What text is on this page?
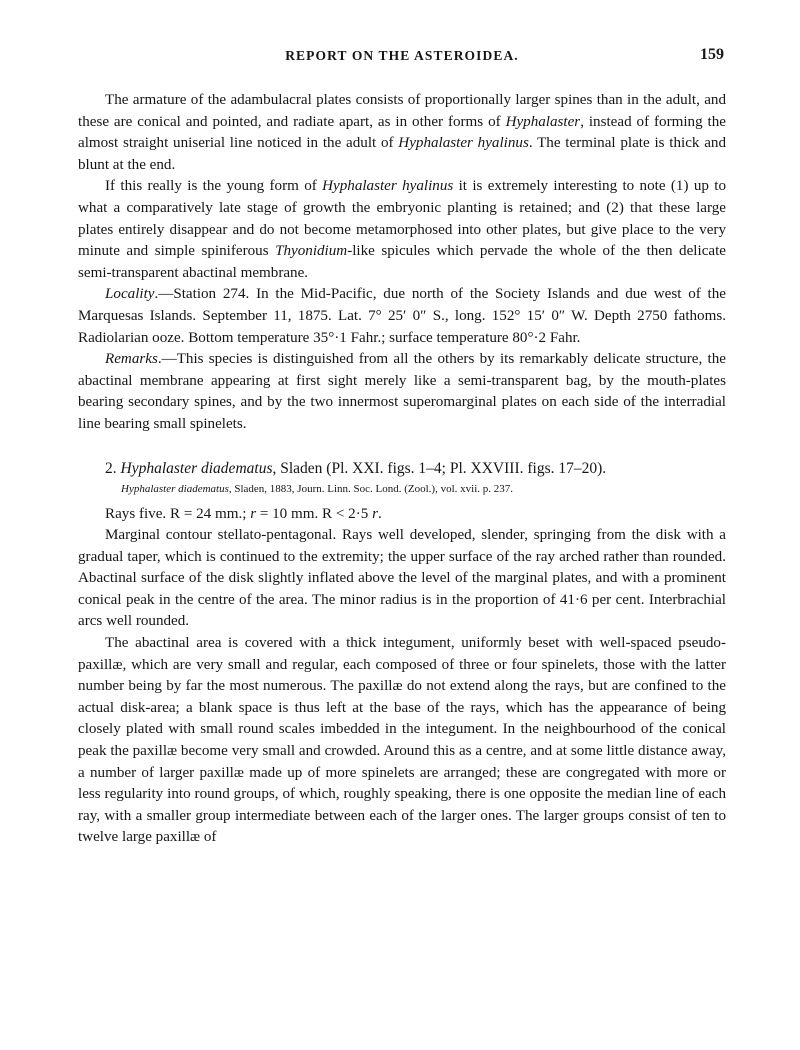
REPORT ON THE ASTEROIDEA.	159

The armature of the adambulacral plates consists of proportionally larger spines than in the adult, and these are conical and pointed, and radiate apart, as in other forms of Hyphalaster, instead of forming the almost straight uniserial line noticed in the adult of Hyphalaster hyalinus. The terminal plate is thick and blunt at the end.

If this really is the young form of Hyphalaster hyalinus it is extremely interesting to note (1) up to what a comparatively late stage of growth the embryonic planting is retained; and (2) that these large plates entirely disappear and do not become metamorphosed into other plates, but give place to the very minute and simple spiniferous Thyonidium-like spicules which pervade the whole of the then delicate semi-transparent abactinal membrane.

Locality.—Station 274. In the Mid-Pacific, due north of the Society Islands and due west of the Marquesas Islands. September 11, 1875. Lat. 7° 25′ 0″ S., long. 152° 15′ 0″ W. Depth 2750 fathoms. Radiolarian ooze. Bottom temperature 35°·1 Fahr.; surface temperature 80°·2 Fahr.

Remarks.—This species is distinguished from all the others by its remarkably delicate structure, the abactinal membrane appearing at first sight merely like a semi-transparent bag, by the mouth-plates bearing secondary spines, and by the two innermost superomarginal plates on each side of the interradial line bearing small spinelets.

2. Hyphalaster diadematus, Sladen (Pl. XXI. figs. 1–4; Pl. XXVIII. figs. 17–20).

Hyphalaster diadematus, Sladen, 1883, Journ. Linn. Soc. Lond. (Zool.), vol. xvii. p. 237.

Rays five. R = 24 mm.; r = 10 mm. R < 2·5 r.

Marginal contour stellato-pentagonal. Rays well developed, slender, springing from the disk with a gradual taper, which is continued to the extremity; the upper surface of the ray arched rather than rounded. Abactinal surface of the disk slightly inflated above the level of the marginal plates, and with a prominent conical peak in the centre of the area. The minor radius is in the proportion of 41·6 per cent. Interbrachial arcs well rounded.

The abactinal area is covered with a thick integument, uniformly beset with well-spaced pseudo-paxillæ, which are very small and regular, each composed of three or four spinelets, those with the latter number being by far the most numerous. The paxillæ do not extend along the rays, but are confined to the actual disk-area; a blank space is thus left at the base of the rays, which has the appearance of being closely plated with small round scales imbedded in the integument. In the neighbourhood of the conical peak the paxillæ become very small and crowded. Around this as a centre, and at some little distance away, a number of larger paxillæ made up of more spinelets are arranged; these are congregated with more or less regularity into round groups, of which, roughly speaking, there is one opposite the median line of each ray, with a smaller group intermediate between each of the larger ones. The larger groups consist of ten to twelve large paxillæ of
